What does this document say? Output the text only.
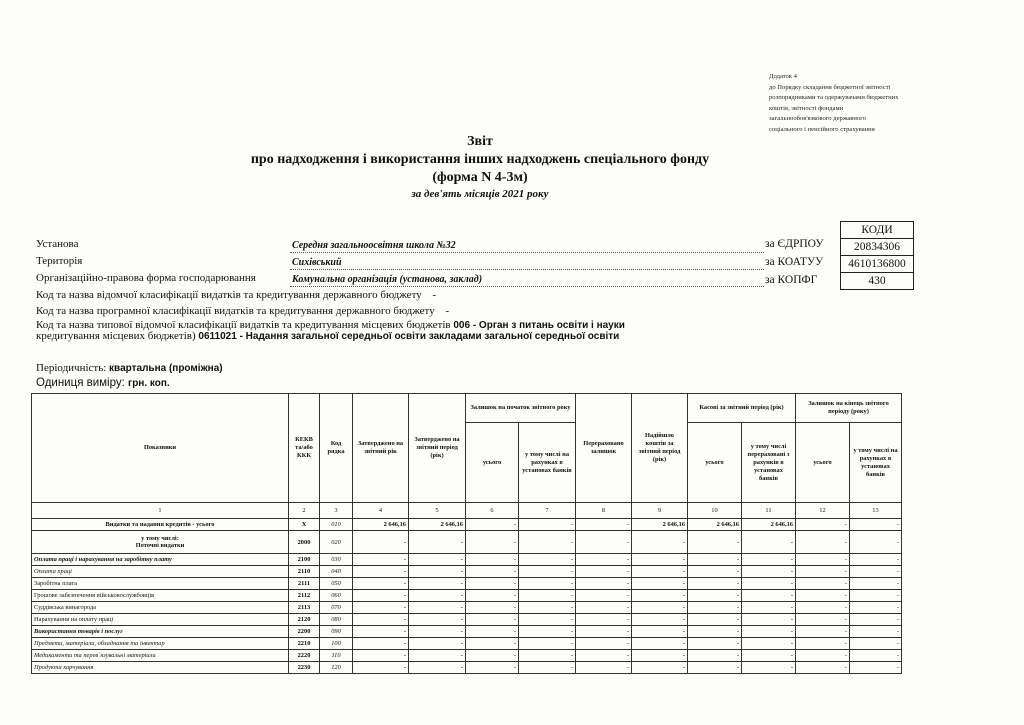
Додаток 4
до Порядку складання бюджетної звітності
розпорядниками та одержувачами бюджетних
коштів, звітності фондами
загальнообов'язкового державного
соціального і пенсійного страхування
Звіт
про надходження і використання інших надходжень спеціального фонду
(форма N 4-3м)
за дев'ять місяців 2021 року
КОДИ
20834306
4610136800
430
Установа	Середня загальноосвітня школа №32	за ЄДРПОУ
Територія	Сихівський	за КОАТУУ
Організаційно-правова форма господарювання	Комунальна організація (установа, заклад)	за КОПФГ
Код та назва відомчої класифікації видатків та кредитування державного бюджету -
Код та назва програмної класифікації видатків та кредитування державного бюджету -
Код та назва типової відомчої класифікації видатків та кредитування місцевих бюджетів 006 - Орган з питань освіти і науки
кредитування місцевих бюджетів) 0611021 - Надання загальної середньої освіти закладами загальної середньої освіти
Періодичність: квартальна (проміжна)
Одиниця виміру: грн. коп.
Показники	КЕКВ та/або ККК	Код рядка	Затверджено на звітний рік	Затверджено на звітний період (рік)	Залишок на початок звітного року		Перераховано залишок	Надійшло коштів за звітний період (рік)	Касові за звітний період (рік)		Залишок на кінець звітного періоду (року)	
					усього	у тому числі на рахунках в установах банків			усього	у тому числі перераховані з рахунків в установах банків	усього	у тому числі на рахунках в установах банків
1	2	3	4	5	6	7	8	9	10	11	12	13

Видатки та надання кредитів - усього	X	010	2 646,16	2 646,16	-	-	-	2 646,16	2 646,16	2 646,16	-	-

у тому числі:
Поточні видатки	2000	020	-	-	-	-	-	-	-	-	-	-

Оплата праці і нарахування на заробітну плату	2100	030	-	-	-	-	-	-	-	-	-	-

Оплата праці	2110	040	-	-	-	-	-	-	-	-	-	-

Заробітна плата	2111	050	-	-	-	-	-	-	-	-	-	-

Грошове забезпечення військовослужбовців	2112	060	-	-	-	-	-	-	-	-	-	-

Суддівська винагорода	2113	070	-	-	-	-	-	-	-	-	-	-

Нарахування на оплату праці	2120	080	-	-	-	-	-	-	-	-	-	-

Використання товарів і послуг	2200	090	-	-	-	-	-	-	-	-	-	-

Предмети, матеріали, обладнання та інвентар	2210	100	-	-	-	-	-	-	-	-	-	-

Медикаменти та перев`язувальні матеріали	2220	110	-	-	-	-	-	-	-	-	-	-

Продукти харчування	2230	120	-	-	-	-	-	-	-	-	-	-
